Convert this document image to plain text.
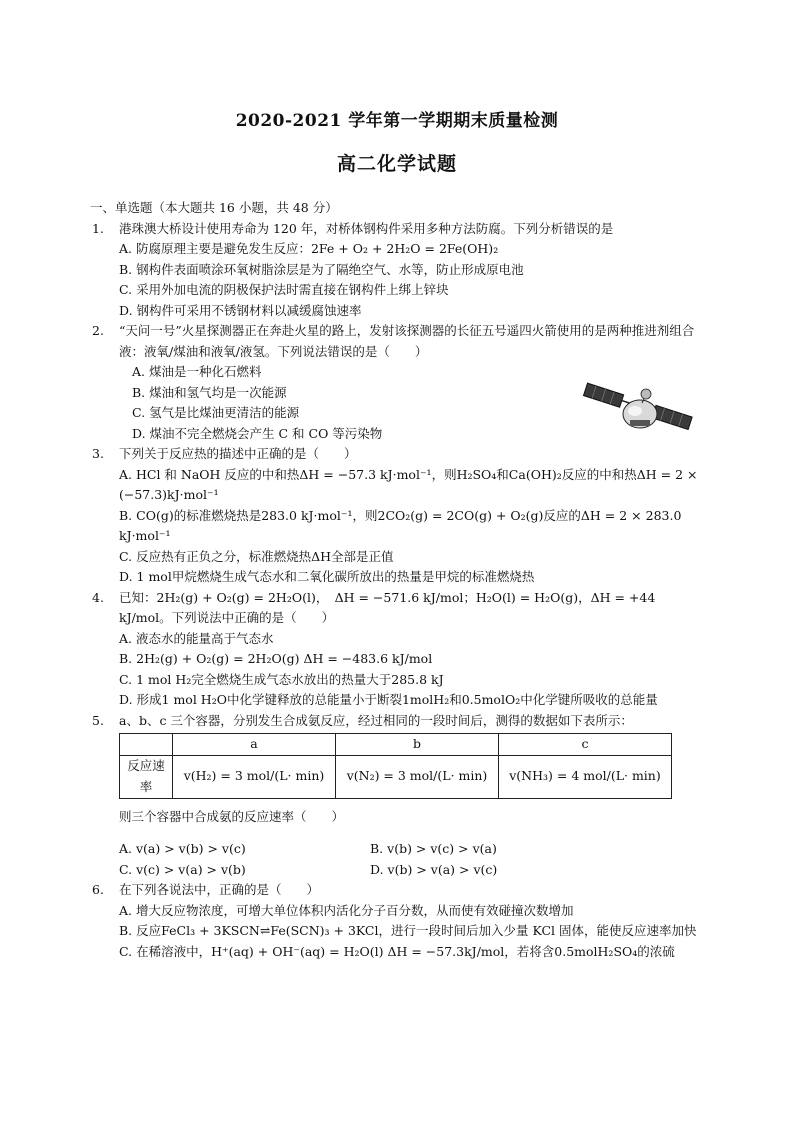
2020-2021 学年第一学期期末质量检测
高二化学试题
一、单选题（本大题共 16 小题，共 48 分）
1. 港珠澳大桥设计使用寿命为 120 年，对桥体钢构件采用多种方法防腐。下列分析错误的是
A. 防腐原理主要是避免发生反应：2Fe + O₂ + 2H₂O = 2Fe(OH)₂
B. 钢构件表面喷涂环氧树脂涂层是为了隔绝空气、水等，防止形成原电池
C. 采用外加电流的阴极保护法时需直接在钢构件上绑上锌块
D. 钢构件可采用不锈钢材料以减缓腐蚀速率
2. “天问一号”火星探测器正在奔赴火星的路上，发射该探测器的长征五号遥四火箭使用的是两种推进剂组合液：液氧/煤油和液氧/液氢。下列说法错误的是（　　）
A. 煤油是一种化石燃料
B. 煤油和氢气均是一次能源
C. 氢气是比煤油更清洁的能源
D. 煤油不完全燃烧会产生 C 和 CO 等污染物
3. 下列关于反应热的描述中正确的是（　　）
A. HCl 和 NaOH 反应的中和热ΔH = −57.3 kJ·mol⁻¹，则H₂SO₄和Ca(OH)₂反应的中和热ΔH = 2 × (−57.3)kJ·mol⁻¹
B. CO(g)的标准燃烧热是283.0 kJ·mol⁻¹，则2CO₂(g) = 2CO(g) + O₂(g)反应的ΔH = 2 × 283.0 kJ·mol⁻¹
C. 反应热有正负之分，标准燃烧热ΔH全部是正值
D. 1 mol甲烷燃烧生成气态水和二氧化碳所放出的热量是甲烷的标准燃烧热
4. 已知：2H₂(g) + O₂(g) = 2H₂O(l)，　ΔH = −571.6 kJ/mol；H₂O(l) = H₂O(g)，ΔH = +44 kJ/mol。下列说法中正确的是（　　）
A. 液态水的能量高于气态水
B. 2H₂(g) + O₂(g) = 2H₂O(g) ΔH = −483.6 kJ/mol
C. 1 mol H₂完全燃烧生成气态水放出的热量大于285.8 kJ
D. 形成1 mol H₂O中化学键释放的总能量小于断裂1molH₂和0.5molO₂中化学键所吸收的总能量
5. a、b、c 三个容器，分别发生合成氨反应，经过相同的一段时间后，测得的数据如下表所示：
	a	b	c
反应速率	v(H₂) = 3 mol/(L· min)	v(N₂) = 3 mol/(L· min)	v(NH₃) = 4 mol/(L· min)
则三个容器中合成氨的反应速率（　　）
A. v(a) > v(b) > v(c)	B. v(b) > v(c) > v(a)
C. v(c) > v(a) > v(b)	D. v(b) > v(a) > v(c)
6. 在下列各说法中，正确的是（　　）
A. 增大反应物浓度，可增大单位体积内活化分子百分数，从而使有效碰撞次数增加
B. 反应FeCl₃ + 3KSCN⇌Fe(SCN)₃ + 3KCl，进行一段时间后加入少量 KCl 固体，能使反应速率加快
C. 在稀溶液中，H⁺(aq) + OH⁻(aq) = H₂O(l) ΔH = −57.3kJ/mol，若将含0.5molH₂SO₄的浓硫
